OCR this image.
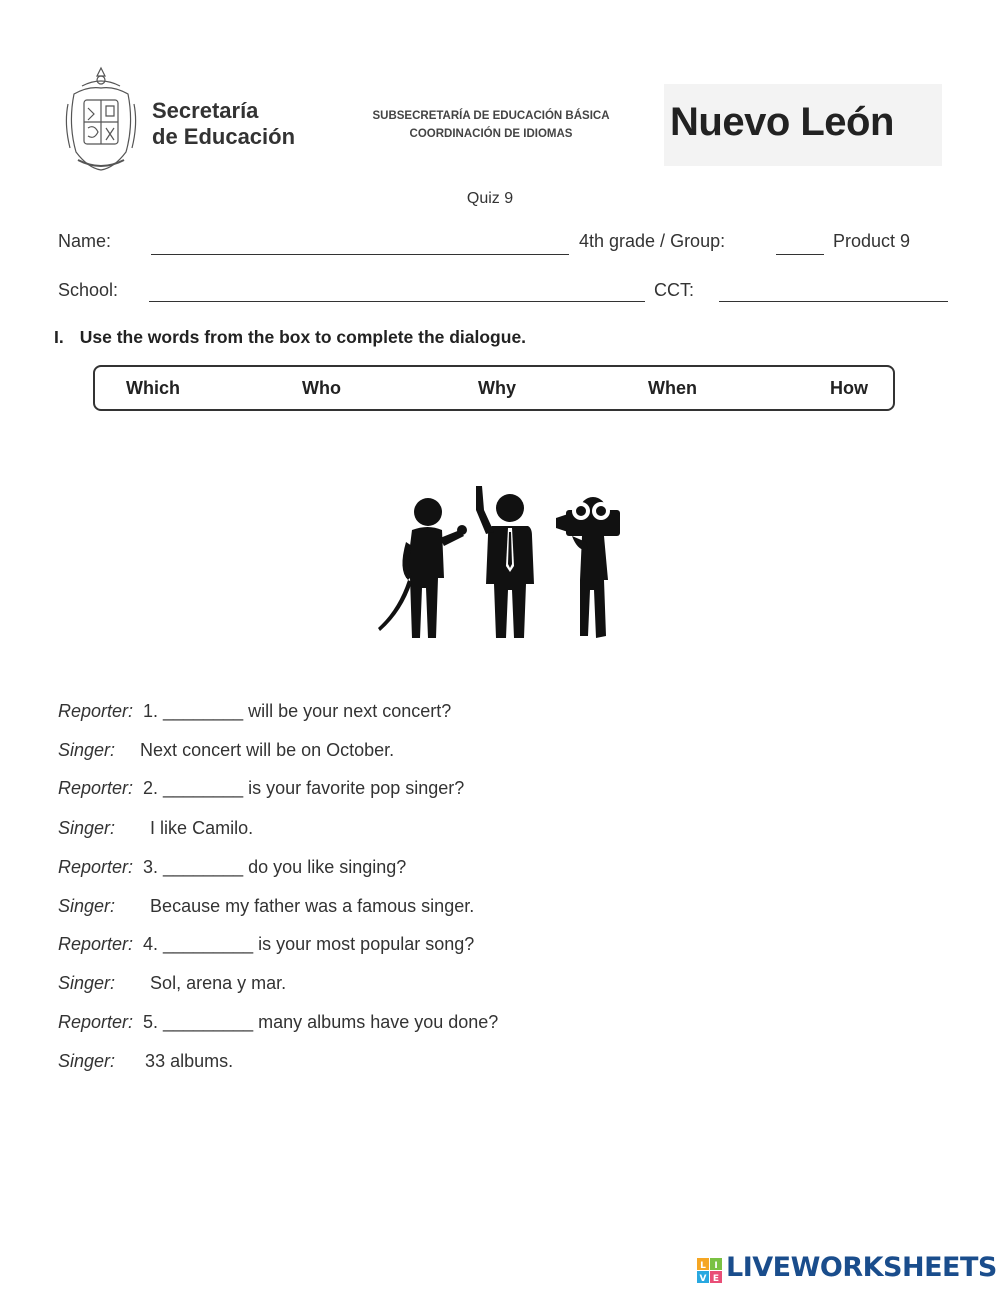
Secretaría
de Educación
SUBSECRETARÍA DE EDUCACIÓN BÁSICA
COORDINACIÓN DE IDIOMAS	Nuevo León
Quiz 9
Name:	4th grade / Group:	Product 9
School:	CCT:
I. Use the words from the box to complete the dialogue.
Which	Who	Why	When	How
Reporter:  1. ________ will be your next concert?
Singer:     Next concert will be on October.
Reporter:  2. ________ is your favorite pop singer?
Singer:       I like Camilo.
Reporter:  3. ________ do you like singing?
Singer:       Because my father was a famous singer.
Reporter:  4. _________ is your most popular song?
Singer:       Sol, arena y mar.
Reporter:  5. _________ many albums have you done?
Singer:      33 albums.
L I
V E LIVEWORKSHEETS
